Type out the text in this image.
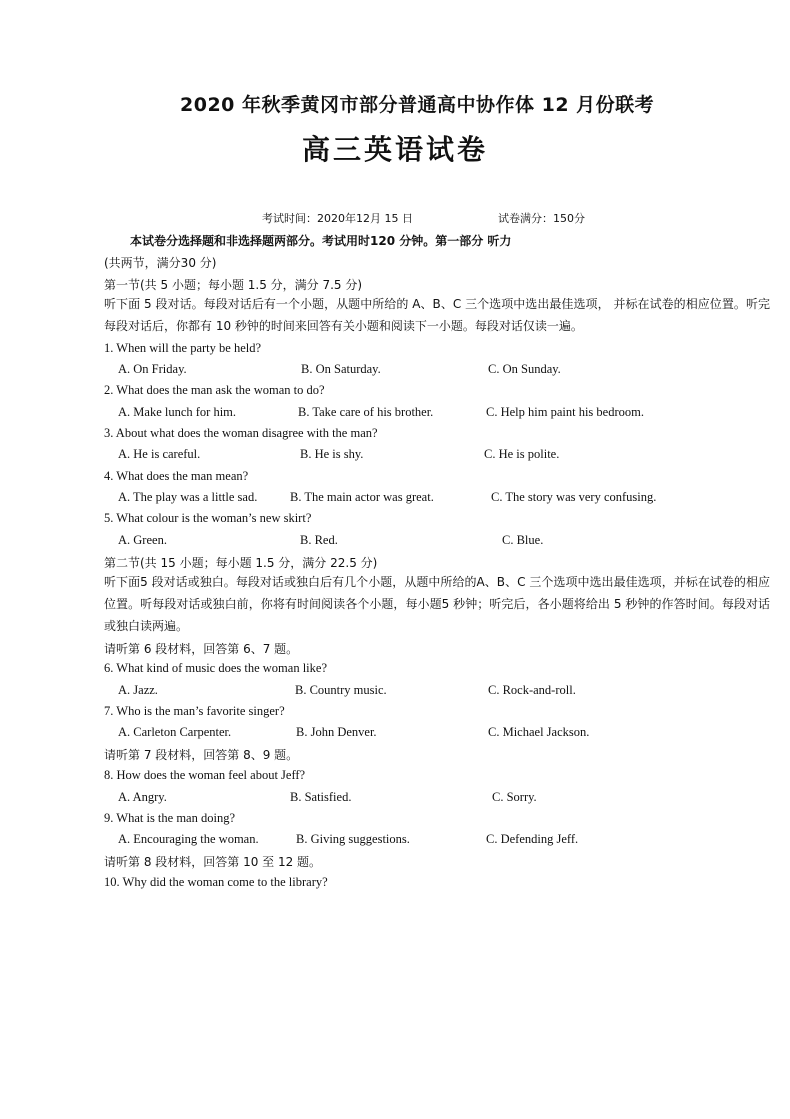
2020 年秋季黄冈市部分普通高中协作体 12 月份联考
高三英语试卷
考试时间：2020年12月 15 日	试卷满分：150分
本试卷分选择题和非选择题两部分。考试用时120 分钟。第一部分 听力
(共两节，满分30 分)
第一节(共 5 小题；每小题 1.5 分，满分 7.5 分)
听下面 5 段对话。每段对话后有一个小题，从题中所给的 A、B、C 三个选项中选出最佳选项， 并标在试卷的相应位置。听完每段对话后，你都有 10 秒钟的时间来回答有关小题和阅读下一小题。每段对话仅读一遍。
1. When will the party be held?
A. On Friday.	B. On Saturday.	C. On Sunday.
2. What does the man ask the woman to do?
A. Make lunch for him.	B. Take care of his brother.	C. Help him paint his bedroom.
3. About what does the woman disagree with the man?
A. He is careful.	B. He is shy.	C. He is polite.
4. What does the man mean?
A. The play was a little sad.	B. The main actor was great.	C. The story was very confusing.
5. What colour is the woman’s new skirt?
A. Green.	B. Red.	C. Blue.
第二节(共 15 小题；每小题 1.5 分，满分 22.5 分)
听下面5 段对话或独白。每段对话或独白后有几个小题，从题中所给的A、B、C 三个选项中选出最佳选项，并标在试卷的相应位置。听每段对话或独白前，你将有时间阅读各个小题，每小题5 秒钟；听完后，各小题将给出 5 秒钟的作答时间。每段对话或独白读两遍。
请听第 6 段材料，回答第 6、7 题。
6. What kind of music does the woman like?
A. Jazz.	B. Country music.	C. Rock-and-roll.
7. Who is the man’s favorite singer?
A. Carleton Carpenter.	B. John Denver.	C. Michael Jackson.
请听第 7 段材料，回答第 8、9 题。
8. How does the woman feel about Jeff?
A. Angry.	B. Satisfied.	C. Sorry.
9. What is the man doing?
A. Encouraging the woman.	B. Giving suggestions.	C. Defending Jeff.
请听第 8 段材料，回答第 10 至 12 题。
10. Why did the woman come to the library?
